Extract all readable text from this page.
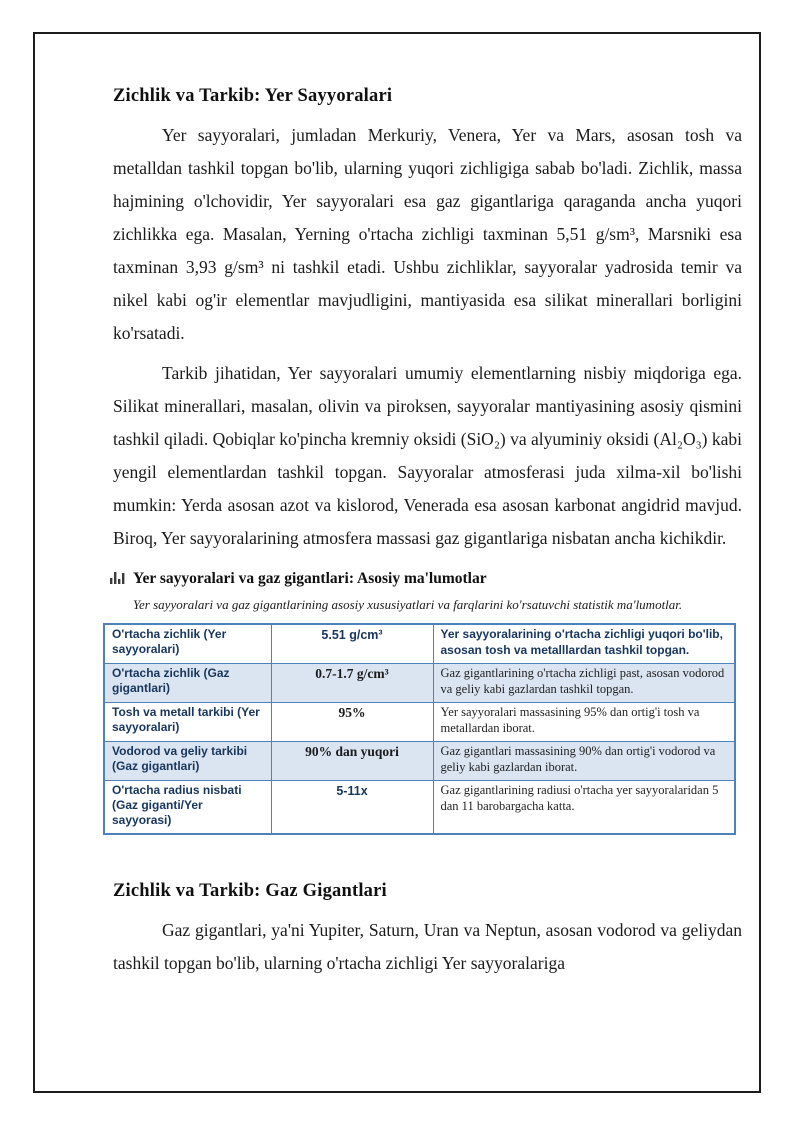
Zichlik va Tarkib: Yer Sayyoralari

Yer sayyoralari, jumladan Merkuriy, Venera, Yer va Mars, asosan tosh va metalldan tashkil topgan bo'lib, ularning yuqori zichligiga sabab bo'ladi. Zichlik, massa hajmining o'lchovidir, Yer sayyoralari esa gaz gigantlariga qaraganda ancha yuqori zichlikka ega. Masalan, Yerning o'rtacha zichligi taxminan 5,51 g/sm³, Marsniki esa taxminan 3,93 g/sm³ ni tashkil etadi. Ushbu zichliklar, sayyoralar yadrosida temir va nikel kabi og'ir elementlar mavjudligini, mantiyasida esa silikat minerallari borligini ko'rsatadi.

Tarkib jihatidan, Yer sayyoralari umumiy elementlarning nisbiy miqdoriga ega. Silikat minerallari, masalan, olivin va piroksen, sayyoralar mantiyasining asosiy qismini tashkil qiladi. Qobiqlar ko'pincha kremniy oksidi (SiO₂) va alyuminiy oksidi (Al₂O₃) kabi yengil elementlardan tashkil topgan. Sayyoralar atmosferasi juda xilma-xil bo'lishi mumkin: Yerda asosan azot va kislorod, Venerada esa asosan karbonat angidrid mavjud. Biroq, Yer sayyoralarining atmosfera massasi gaz gigantlariga nisbatan ancha kichikdir.

Yer sayyoralari va gaz gigantlari: Asosiy ma'lumotlar

Yer sayyoralari va gaz gigantlarining asosiy xususiyatlari va farqlarini ko'rsatuvchi statistik ma'lumotlar.

O'rtacha zichlik (Yer sayyoralari)	5.51 g/cm³	Yer sayyoralarining o'rtacha zichligi yuqori bo'lib, asosan tosh va metalllardan tashkil topgan.
O'rtacha zichlik (Gaz gigantlari)	0.7-1.7 g/cm³	Gaz gigantlarining o'rtacha zichligi past, asosan vodorod va geliy kabi gazlardan tashkil topgan.
Tosh va metall tarkibi (Yer sayyoralari)	95%	Yer sayyoralari massasining 95% dan ortig'i tosh va metallardan iborat.
Vodorod va geliy tarkibi (Gaz gigantlari)	90% dan yuqori	Gaz gigantlari massasining 90% dan ortig'i vodorod va geliy kabi gazlardan iborat.
O'rtacha radius nisbati (Gaz giganti/Yer sayyorasi)	5-11x	Gaz gigantlarining radiusi o'rtacha yer sayyoralaridan 5 dan 11 barobargacha katta.
Zichlik va Tarkib: Gaz Gigantlari

Gaz gigantlari, ya'ni Yupiter, Saturn, Uran va Neptun, asosan vodorod va geliydan tashkil topgan bo'lib, ularning o'rtacha zichligi Yer sayyoralariga
